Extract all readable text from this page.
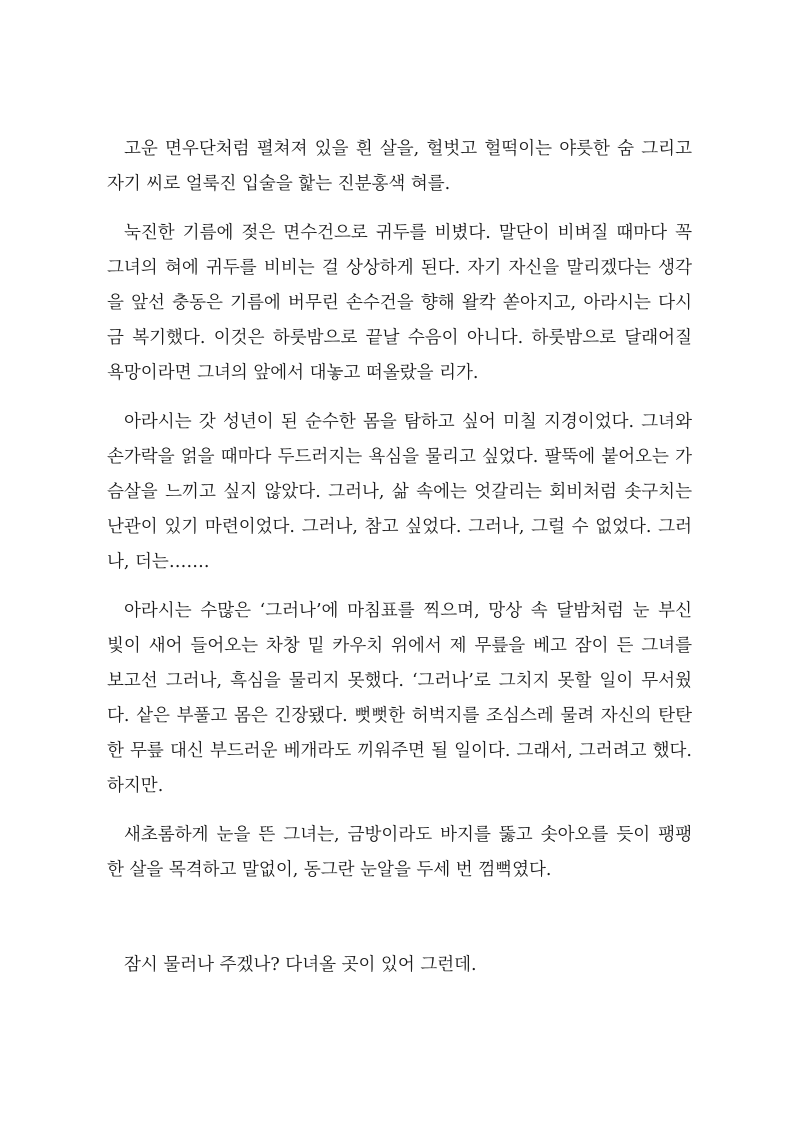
고운 면우단처럼 펼쳐져 있을 흰 살을, 헐벗고 헐떡이는 야릇한 숨 그리고
자기 씨로 얼룩진 입술을 핥는 진분홍색 혀를.
눅진한 기름에 젖은 면수건으로 귀두를 비볐다. 말단이 비벼질 때마다 꼭
그녀의 혀에 귀두를 비비는 걸 상상하게 된다. 자기 자신을 말리겠다는 생각
을 앞선 충동은 기름에 버무린 손수건을 향해 왈칵 쏟아지고, 아라시는 다시
금 복기했다. 이것은 하룻밤으로 끝날 수음이 아니다. 하룻밤으로 달래어질
욕망이라면 그녀의 앞에서 대놓고 떠올랐을 리가.
아라시는 갓 성년이 된 순수한 몸을 탐하고 싶어 미칠 지경이었다. 그녀와
손가락을 얽을 때마다 두드러지는 욕심을 물리고 싶었다. 팔뚝에 붙어오는 가
슴살을 느끼고 싶지 않았다. 그러나, 삶 속에는 엇갈리는 회비처럼 솟구치는
난관이 있기 마련이었다. 그러나, 참고 싶었다. 그러나, 그럴 수 없었다. 그러
나, 더는…….
아라시는 수많은 ‘그러나’에 마침표를 찍으며, 망상 속 달밤처럼 눈 부신
빛이 새어 들어오는 차창 밑 카우치 위에서 제 무릎을 베고 잠이 든 그녀를
보고선 그러나, 흑심을 물리지 못했다. ‘그러나’로 그치지 못할 일이 무서웠
다. 샅은 부풀고 몸은 긴장됐다. 뻣뻣한 허벅지를 조심스레 물려 자신의 탄탄
한 무릎 대신 부드러운 베개라도 끼워주면 될 일이다. 그래서, 그러려고 했다.
하지만.
새초롬하게 눈을 뜬 그녀는, 금방이라도 바지를 뚫고 솟아오를 듯이 팽팽
한 살을 목격하고 말없이, 동그란 눈알을 두세 번 껌뻑였다.
잠시 물러나 주겠나? 다녀올 곳이 있어 그런데.
